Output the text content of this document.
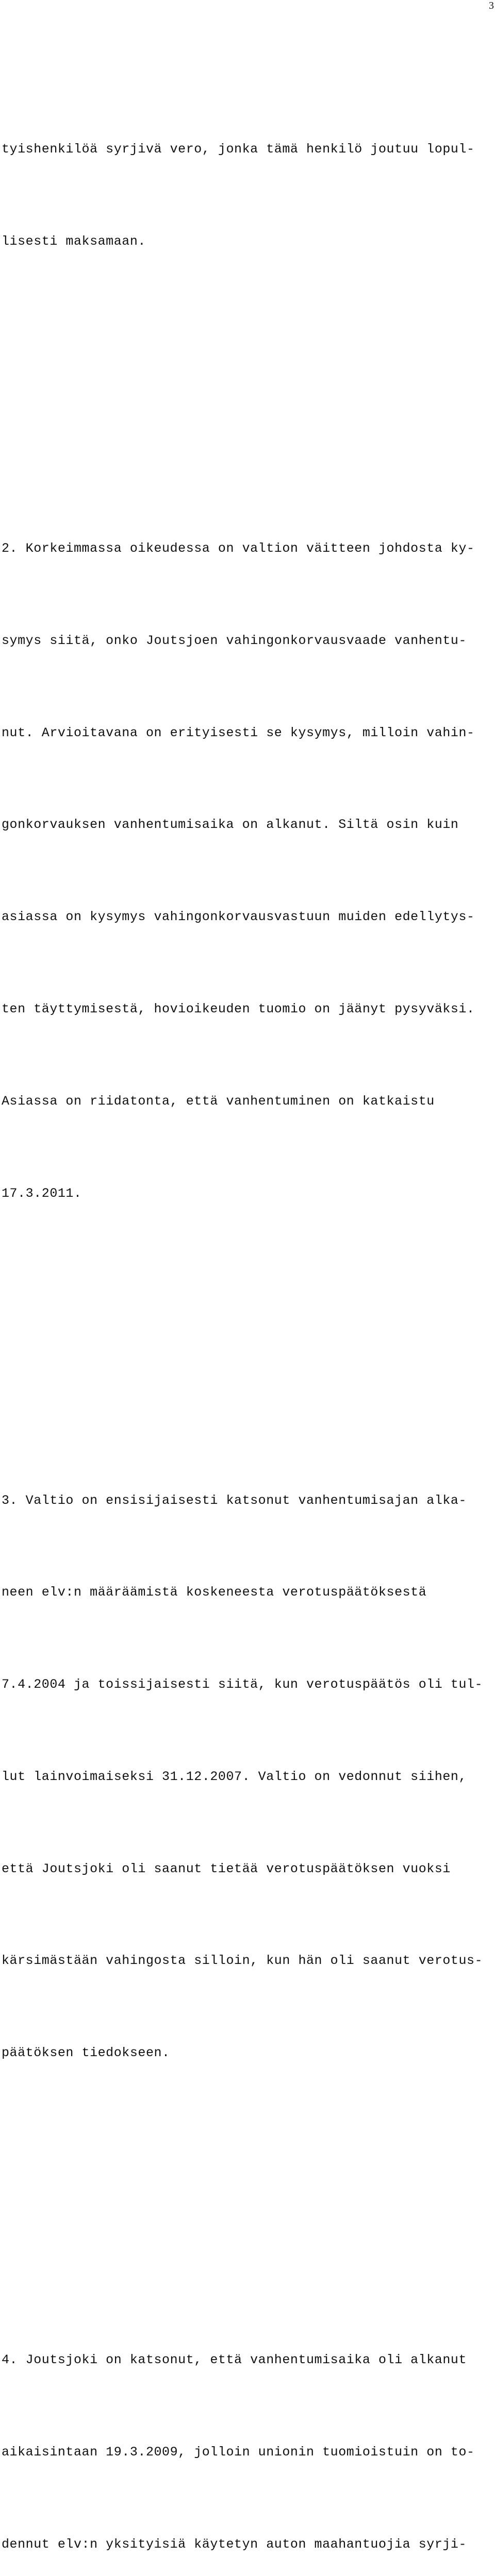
3

tyishenkilöä syrjivä vero, jonka tämä henkilö joutuu lopul-

lisesti maksamaan.

2. Korkeimmassa oikeudessa on valtion väitteen johdosta ky-

symys siitä, onko Joutsjoen vahingonkorvausvaade vanhentu-

nut. Arvioitavana on erityisesti se kysymys, milloin vahin-

gonkorvauksen vanhentumisaika on alkanut. Siltä osin kuin

asiassa on kysymys vahingonkorvausvastuun muiden edellytys-

ten täyttymisestä, hovioikeuden tuomio on jäänyt pysyväksi.

Asiassa on riidatonta, että vanhentuminen on katkaistu

17.3.2011.

3. Valtio on ensisijaisesti katsonut vanhentumisajan alka-

neen elv:n määräämistä koskeneesta verotuspäätöksestä

7.4.2004 ja toissijaisesti siitä, kun verotuspäätös oli tul-

lut lainvoimaiseksi 31.12.2007. Valtio on vedonnut siihen,

että Joutsjoki oli saanut tietää verotuspäätöksen vuoksi

kärsimästään vahingosta silloin, kun hän oli saanut verotus-

päätöksen tiedokseen.

4. Joutsjoki on katsonut, että vanhentumisaika oli alkanut

aikaisintaan 19.3.2009, jolloin unionin tuomioistuin on to-

dennut elv:n yksityisiä käytetyn auton maahantuojia syrji-
